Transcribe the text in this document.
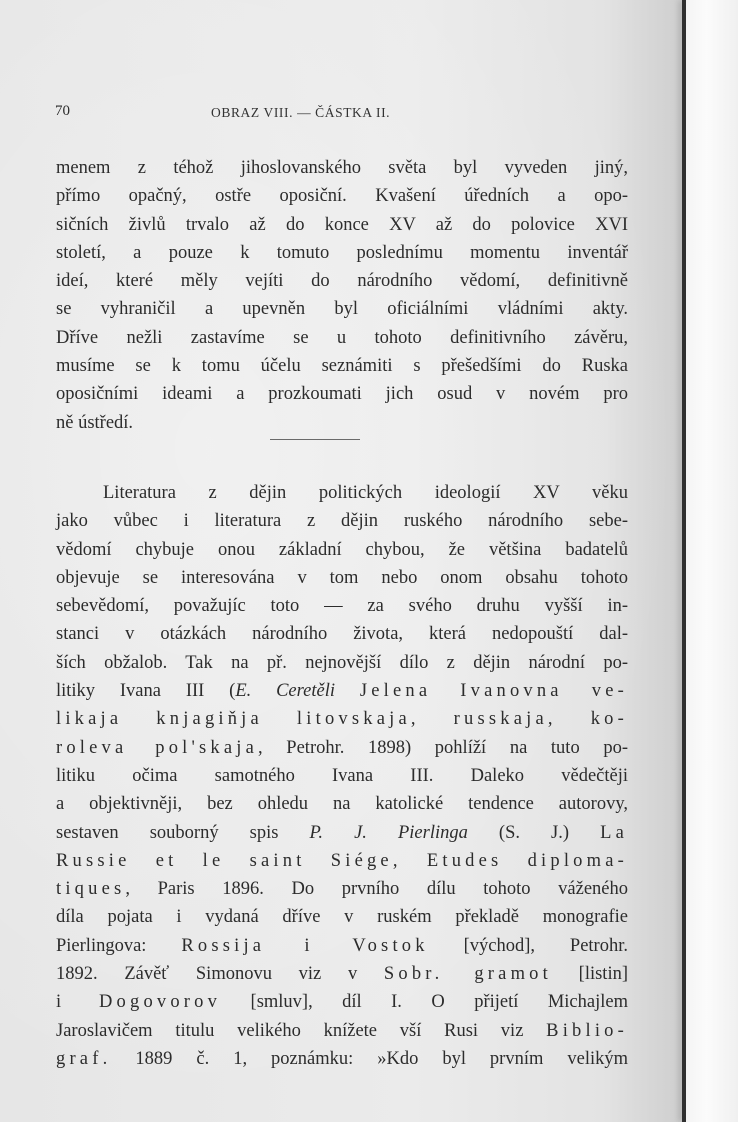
70	OBRAZ VIII. — ČÁSTKA II.
menem z téhož jihoslovanského světa byl vyveden jiný,
přímo opačný, ostře oposiční. Kvašení úředních a opo-
sičních živlů trvalo až do konce XV až do polovice XVI
století, a pouze k tomuto poslednímu momentu inventář
ideí, které měly vejíti do národního vědomí, definitivně
se vyhraničil a upevněn byl oficiálními vládními akty.
Dříve nežli zastavíme se u tohoto definitivního závěru,
musíme se k tomu účelu seznámiti s přešedšími do Ruska
oposičními ideami a prozkoumati jich osud v novém pro
ně ústředí.
Literatura z dějin politických ideologií XV věku
jako vůbec i literatura z dějin ruského národního sebe-
vědomí chybuje onou základní chybou, že většina badatelů
objevuje se interesována v tom nebo onom obsahu tohoto
sebevědomí, považujíc toto — za svého druhu vyšší in-
stanci v otázkách národního života, která nedopouští dal-
ších obžalob. Tak na př. nejnovější dílo z dějin národní po-
litiky Ivana III (E. Ceretěli Jelena Ivanovna ve-
likaja knjagiňja litovskaja, russkaja, ko-
roleva pol'skaja, Petrohr. 1898) pohlíží na tuto po-
litiku očima samotného Ivana III. Daleko vědečtěji
a objektivněji, bez ohledu na katolické tendence autorovy,
sestaven souborný spis P. J. Pierlinga (S. J.) La
Russie et le saint Siége, Etudes diploma-
tiques, Paris 1896. Do prvního dílu tohoto váženého
díla pojata i vydaná dříve v ruském překladě monografie
Pierlingova: Rossija i Vostok [východ], Petrohr.
1892. Závěť Simonovu viz v Sobr. gramot [listin]
i Dogovorov [smluv], díl I. O přijetí Michajlem
Jaroslavičem titulu velikého knížete vší Rusi viz Biblio-
graf. 1889 č. 1, poznámku: »Kdo byl prvním velikým
